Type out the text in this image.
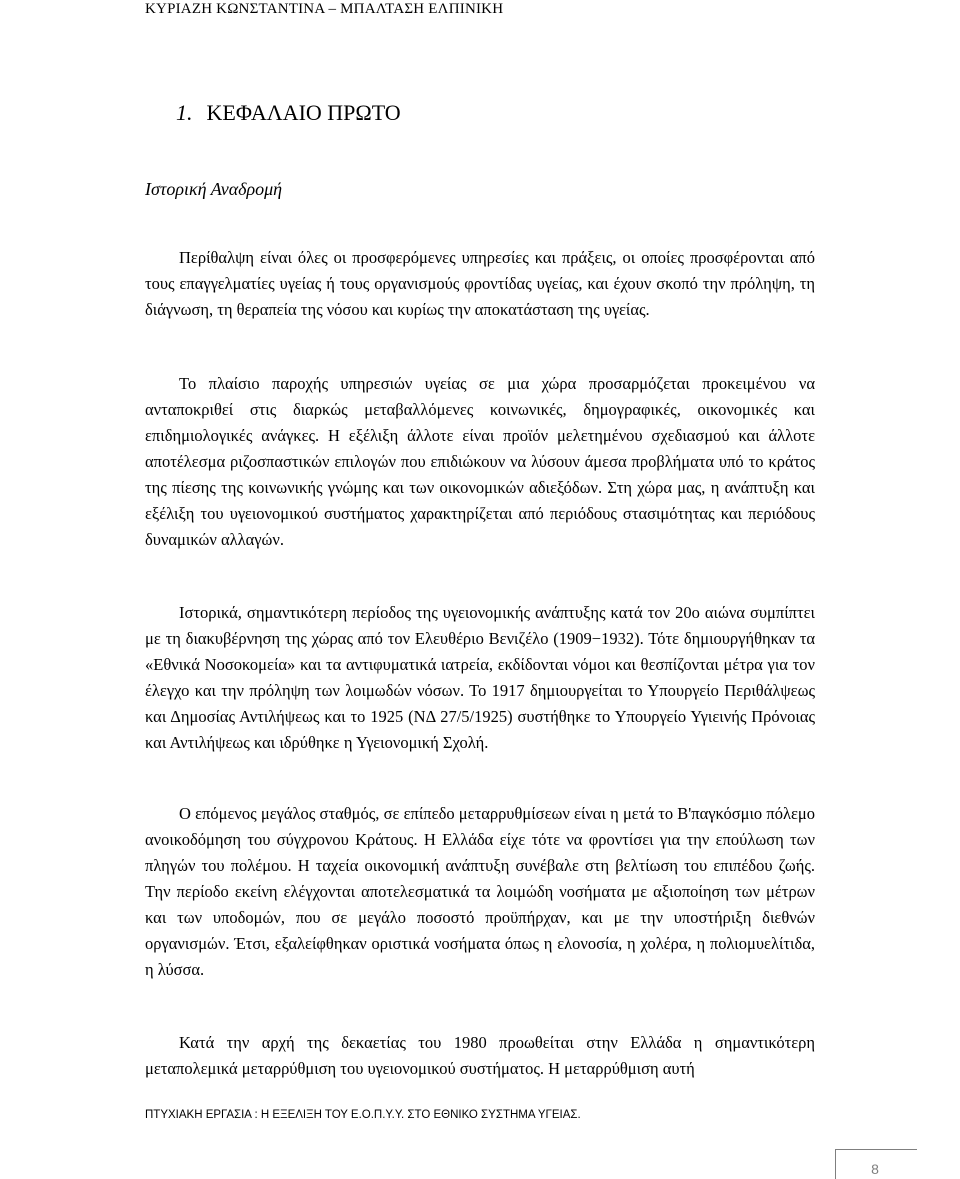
ΚΥΡΙΑΖΗ ΚΩΝΣΤΑΝΤΙΝΑ – ΜΠΑΛΤΑΣΗ ΕΛΠΙΝΙΚΗ
1. ΚΕΦΑΛΑΙΟ ΠΡΩΤΟ
Ιστορική Αναδρομή

Περίθαλψη είναι όλες οι προσφερόμενες υπηρεσίες και πράξεις, οι οποίες προσφέρονται από τους επαγγελματίες υγείας ή τους οργανισμούς φροντίδας υγείας, και έχουν σκοπό την πρόληψη, τη διάγνωση, τη θεραπεία της νόσου και κυρίως την αποκατάσταση της υγείας.

Το πλαίσιο παροχής υπηρεσιών υγείας σε μια χώρα προσαρμόζεται προκειμένου να ανταποκριθεί στις διαρκώς μεταβαλλόμενες κοινωνικές, δημογραφικές, οικονομικές και επιδημιολογικές ανάγκες. Η εξέλιξη άλλοτε είναι προϊόν μελετημένου σχεδιασμού και άλλοτε αποτέλεσμα ριζοσπαστικών επιλογών που επιδιώκουν να λύσουν άμεσα προβλήματα υπό το κράτος της πίεσης της κοινωνικής γνώμης και των οικονομικών αδιεξόδων. Στη χώρα μας, η ανάπτυξη και εξέλιξη του υγειονομικού συστήματος χαρακτηρίζεται από περιόδους στασιμότητας και περιόδους δυναμικών αλλαγών.

Ιστορικά, σημαντικότερη περίοδος της υγειονομικής ανάπτυξης κατά τον 20ο αιώνα συμπίπτει με τη διακυβέρνηση της χώρας από τον Ελευθέριο Βενιζέλο (1909−1932). Τότε δημιουργήθηκαν τα «Εθνικά Νοσοκομεία» και τα αντιφυματικά ιατρεία, εκδίδονται νόμοι και θεσπίζονται μέτρα για τον έλεγχο και την πρόληψη των λοιμωδών νόσων. Το 1917 δημιουργείται το Υπουργείο Περιθάλψεως και Δημοσίας Αντιλήψεως και το 1925 (ΝΔ 27/5/1925) συστήθηκε το Υπουργείο Υγιεινής Πρόνοιας και Αντιλήψεως και ιδρύθηκε η Υγειονομική Σχολή.

Ο επόμενος μεγάλος σταθμός, σε επίπεδο μεταρρυθμίσεων είναι η μετά το Β'παγκόσμιο πόλεμο ανοικοδόμηση του σύγχρονου Κράτους. Η Ελλάδα είχε τότε να φροντίσει για την επούλωση των πληγών του πολέμου. Η ταχεία οικονομική ανάπτυξη συνέβαλε στη βελτίωση του επιπέδου ζωής. Την περίοδο εκείνη ελέγχονται αποτελεσματικά τα λοιμώδη νοσήματα με αξιοποίηση των μέτρων και των υποδομών, που σε μεγάλο ποσοστό προϋπήρχαν, και με την υποστήριξη διεθνών οργανισμών. Έτσι, εξαλείφθηκαν οριστικά νοσήματα όπως η ελονοσία, η χολέρα, η πολιομυελίτιδα, η λύσσα.

Κατά την αρχή της δεκαετίας του 1980 προωθείται στην Ελλάδα η σημαντικότερη μεταπολεμικά μεταρρύθμιση του υγειονομικού συστήματος. Η μεταρρύθμιση αυτή

ΠΤΥΧΙΑΚΗ ΕΡΓΑΣΙΑ : Η ΕΞΕΛΙΞΗ ΤΟΥ Ε.Ο.Π.Υ.Υ. ΣΤΟ ΕΘΝΙΚΟ ΣΥΣΤΗΜΑ ΥΓΕΙΑΣ.
8
